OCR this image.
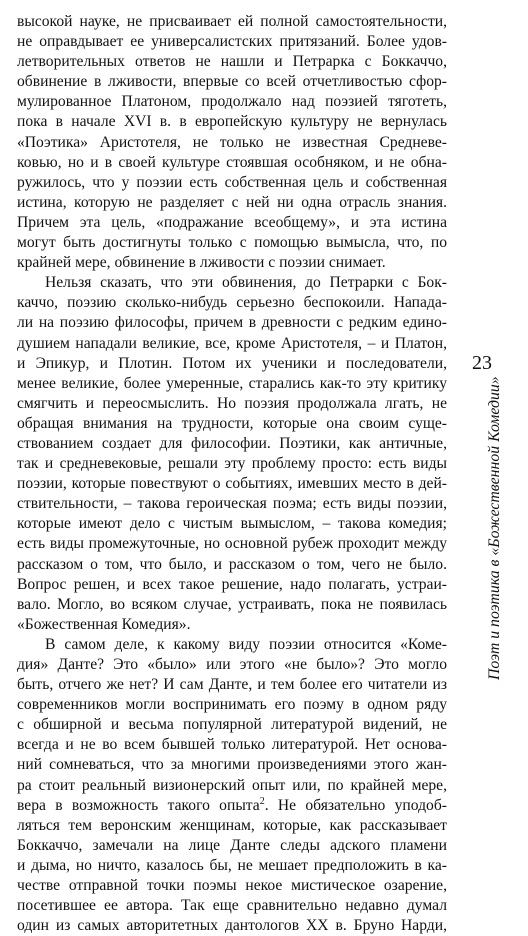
высокой науке, не присваивает ей полной самостоятельности,
не оправдывает ее универсалистских притязаний. Более удов-
летворительных ответов не нашли и Петрарка с Боккаччо,
обвинение в лживости, впервые со всей отчетливостью сфор-
мулированное Платоном, продолжало над поэзией тяготеть,
пока в начале XVI в. в европейскую культуру не вернулась
«Поэтика» Аристотеля, не только не известная Средневе-
ковью, но и в своей культуре стоявшая особняком, и не обна-
ружилось, что у поэзии есть собственная цель и собственная
истина, которую не разделяет с ней ни одна отрасль знания.
Причем эта цель, «подражание всеобщему», и эта истина
могут быть достигнуты только с помощью вымысла, что, по
крайней мере, обвинение в лживости с поэзии снимает.

Нельзя сказать, что эти обвинения, до Петрарки с Бок-
каччо, поэзию сколько-нибудь серьезно беспокоили. Напада-
ли на поэзию философы, причем в древности с редким едино-
душием нападали великие, все, кроме Аристотеля, – и Платон,
и Эпикур, и Плотин. Потом их ученики и последователи,
менее великие, более умеренные, старались как-то эту критику
смягчить и переосмыслить. Но поэзия продолжала лгать, не
обращая внимания на трудности, которые она своим суще-
ствованием создает для философии. Поэтики, как античные,
так и средневековые, решали эту проблему просто: есть виды
поэзии, которые повествуют о событиях, имевших место в дей-
ствительности, – такова героическая поэма; есть виды поэзии,
которые имеют дело с чистым вымыслом, – такова комедия;
есть виды промежуточные, но основной рубеж проходит между
рассказом о том, что было, и рассказом о том, чего не было.
Вопрос решен, и всех такое решение, надо полагать, устраи-
вало. Могло, во всяком случае, устраивать, пока не появилась
«Божественная Комедия».

В самом деле, к какому виду поэзии относится «Коме-
дия» Данте? Это «было» или этого «не было»? Это могло
быть, отчего же нет? И сам Данте, и тем более его читатели из
современников могли воспринимать его поэму в одном ряду
с обширной и весьма популярной литературой видений, не
всегда и не во всем бывшей только литературой. Нет основа-
ний сомневаться, что за многими произведениями этого жан-
ра стоит реальный визионерский опыт или, по крайней мере,
вера в возможность такого опыта$^2$. Не обязательно уподоб-
ляться тем веронским женщинам, которые, как рассказывает
Боккаччо, замечали на лице Данте следы адского пламени
и дыма, но ничто, казалось бы, не мешает предположить в ка-
честве отправной точки поэмы некое мистическое озарение,
посетившее ее автора. Так еще сравнительно недавно думал
один из самых авторитетных дантологов XX в. Бруно Нарди,

23
Поэт и поэтика в «Божественной Комедии»
